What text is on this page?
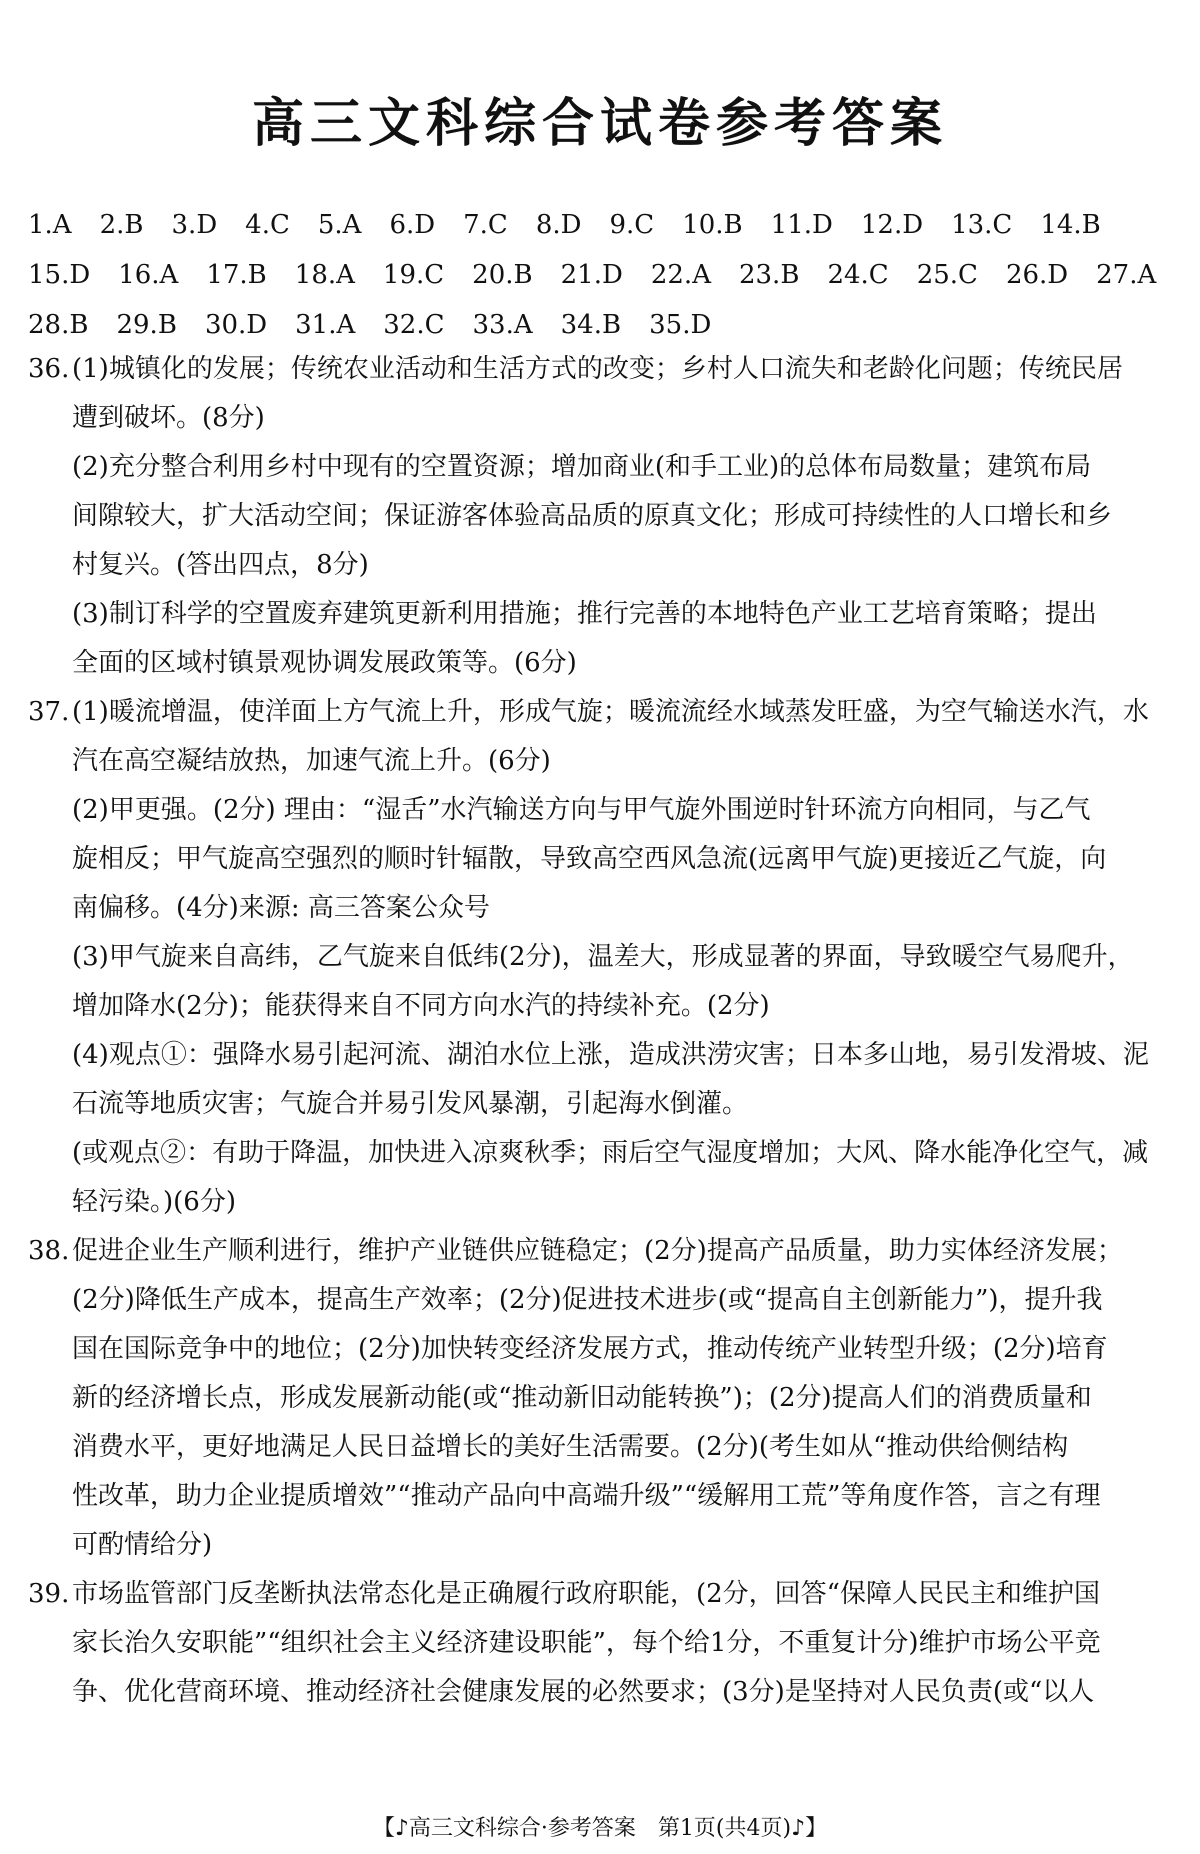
高三文科综合试卷参考答案
1.A 2.B 3.D 4.C 5.A 6.D 7.C 8.D 9.C 10.B 11.D 12.D 13.C 14.B
15.D 16.A 17.B 18.A 19.C 20.B 21.D 22.A 23.B 24.C 25.C 26.D 27.A
28.B 29.B 30.D 31.A 32.C 33.A 34.B 35.D
36. (1)城镇化的发展；传统农业活动和生活方式的改变；乡村人口流失和老龄化问题；传统民居
遭到破坏。(8分)
(2)充分整合利用乡村中现有的空置资源；增加商业(和手工业)的总体布局数量；建筑布局
间隙较大，扩大活动空间；保证游客体验高品质的原真文化；形成可持续性的人口增长和乡
村复兴。(答出四点，8分)
(3)制订科学的空置废弃建筑更新利用措施；推行完善的本地特色产业工艺培育策略；提出
全面的区域村镇景观协调发展政策等。(6分)
37. (1)暖流增温，使洋面上方气流上升，形成气旋；暖流流经水域蒸发旺盛，为空气输送水汽，水
汽在高空凝结放热，加速气流上升。(6分)
(2)甲更强。(2分) 理由：“湿舌”水汽输送方向与甲气旋外围逆时针环流方向相同，与乙气
旋相反；甲气旋高空强烈的顺时针辐散，导致高空西风急流(远离甲气旋)更接近乙气旋，向
南偏移。(4分)来源: 高三答案公众号
(3)甲气旋来自高纬，乙气旋来自低纬(2分)，温差大，形成显著的界面，导致暖空气易爬升，
增加降水(2分)；能获得来自不同方向水汽的持续补充。(2分)
(4)观点①：强降水易引起河流、湖泊水位上涨，造成洪涝灾害；日本多山地，易引发滑坡、泥
石流等地质灾害；气旋合并易引发风暴潮，引起海水倒灌。
(或观点②：有助于降温，加快进入凉爽秋季；雨后空气湿度增加；大风、降水能净化空气，减
轻污染。)(6分)
38. 促进企业生产顺利进行，维护产业链供应链稳定；(2分)提高产品质量，助力实体经济发展；
(2分)降低生产成本，提高生产效率；(2分)促进技术进步(或“提高自主创新能力”)，提升我
国在国际竞争中的地位；(2分)加快转变经济发展方式，推动传统产业转型升级；(2分)培育
新的经济增长点，形成发展新动能(或“推动新旧动能转换”)；(2分)提高人们的消费质量和
消费水平，更好地满足人民日益增长的美好生活需要。(2分)(考生如从“推动供给侧结构
性改革，助力企业提质增效”“推动产品向中高端升级”“缓解用工荒”等角度作答，言之有理
可酌情给分)
39. 市场监管部门反垄断执法常态化是正确履行政府职能，(2分，回答“保障人民民主和维护国
家长治久安职能”“组织社会主义经济建设职能”，每个给1分，不重复计分)维护市场公平竞
争、优化营商环境、推动经济社会健康发展的必然要求；(3分)是坚持对人民负责(或“以人
【♪高三文科综合·参考答案　第1页(共4页)♪】
